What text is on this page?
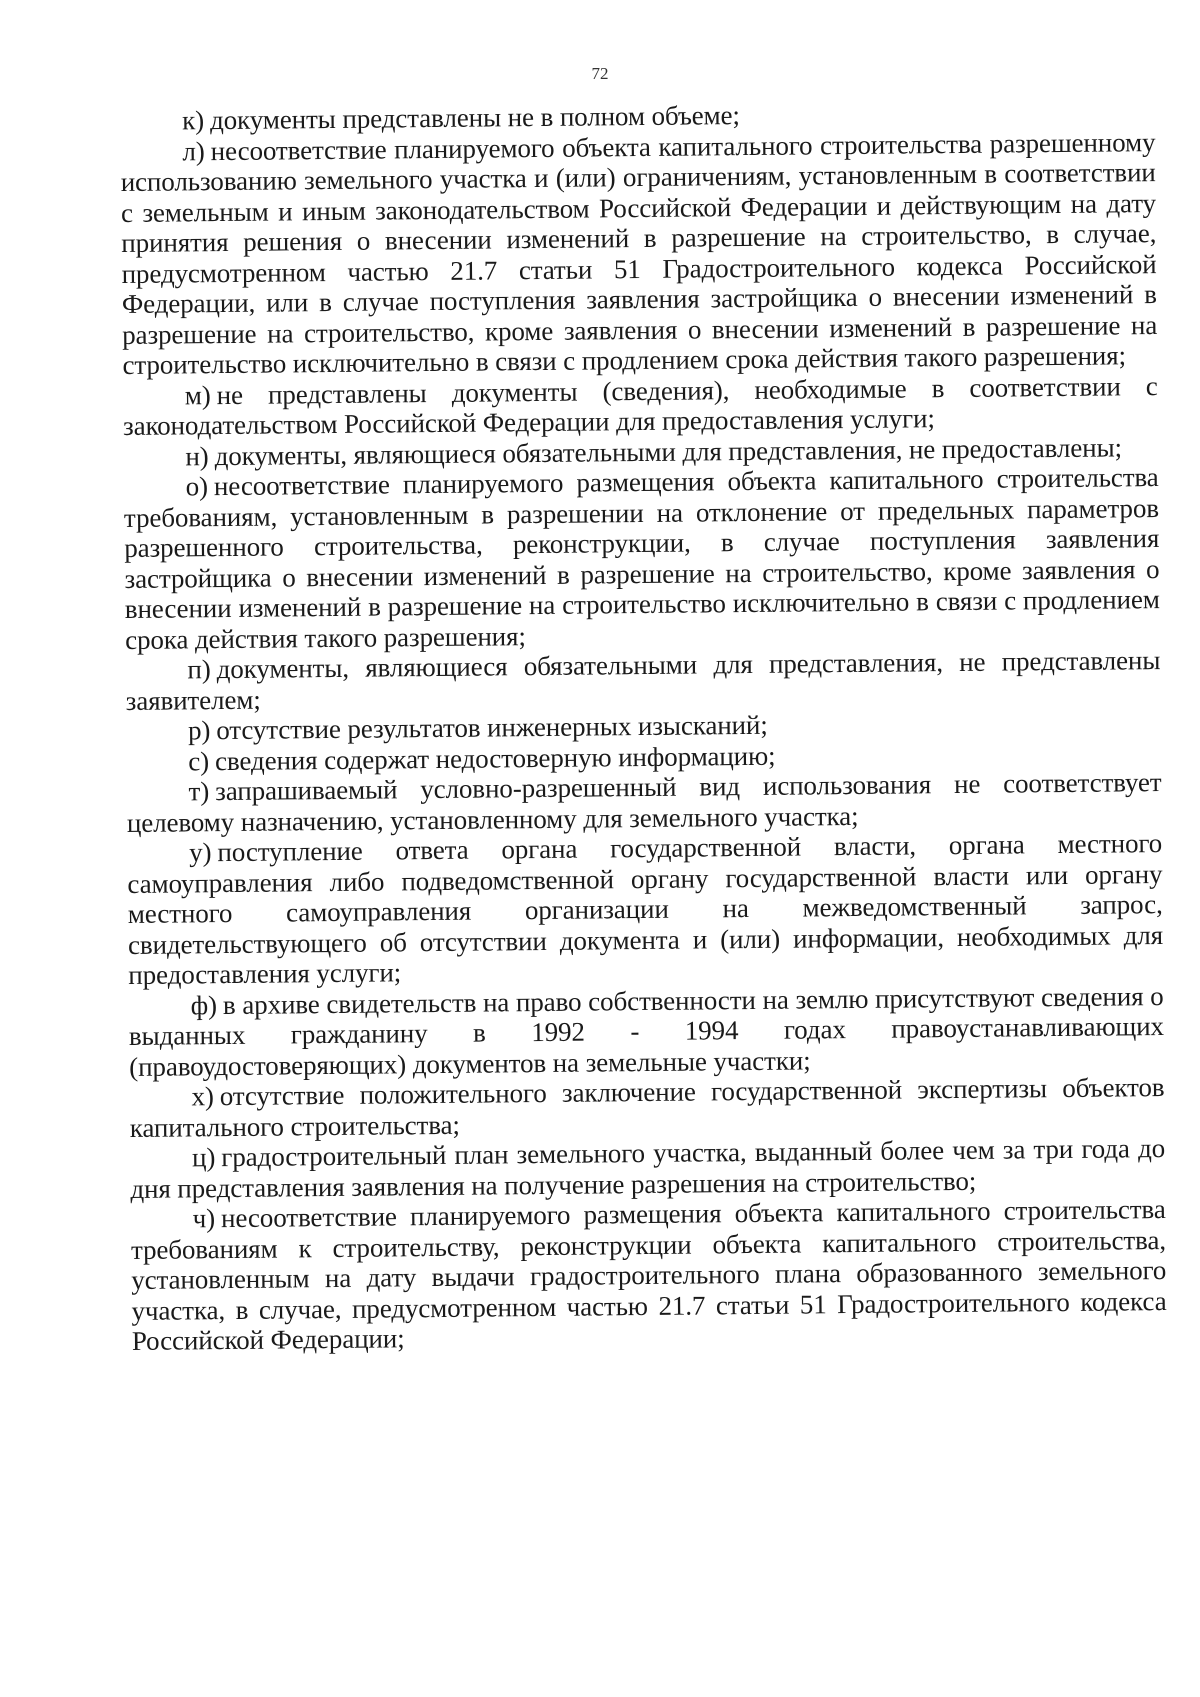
72

к) документы представлены не в полном объеме;

л) несоответствие планируемого объекта капитального строительства разрешенному использованию земельного участка и (или) ограничениям, установленным в соответствии с земельным и иным законодательством Российской Федерации и действующим на дату принятия решения о внесении изменений в разрешение на строительство, в случае, предусмотренном частью 21.7 статьи 51 Градостроительного кодекса Российской Федерации, или в случае поступления заявления застройщика о внесении изменений в разрешение на строительство, кроме заявления о внесении изменений в разрешение на строительство исключительно в связи с продлением срока действия такого разрешения;

м) не представлены документы (сведения), необходимые в соответствии с законодательством Российской Федерации для предоставления услуги;

н) документы, являющиеся обязательными для представления, не предоставлены;

о) несоответствие планируемого размещения объекта капитального строительства требованиям, установленным в разрешении на отклонение от предельных параметров разрешенного строительства, реконструкции, в случае поступления заявления застройщика о внесении изменений в разрешение на строительство, кроме заявления о внесении изменений в разрешение на строительство исключительно в связи с продлением срока действия такого разрешения;

п) документы, являющиеся обязательными для представления, не представлены заявителем;

р) отсутствие результатов инженерных изысканий;

с) сведения содержат недостоверную информацию;

т) запрашиваемый условно-разрешенный вид использования не соответствует целевому назначению, установленному для земельного участка;

у) поступление ответа органа государственной власти, органа местного самоуправления либо подведомственной органу государственной власти или органу местного самоуправления организации на межведомственный запрос, свидетельствующего об отсутствии документа и (или) информации, необходимых для предоставления услуги;

ф) в архиве свидетельств на право собственности на землю присутствуют сведения о выданных гражданину в 1992 - 1994 годах правоустанавливающих (правоудостоверяющих) документов на земельные участки;

х) отсутствие положительного заключение государственной экспертизы объектов капитального строительства;

ц) градостроительный план земельного участка, выданный более чем за три года до дня представления заявления на получение разрешения на строительство;

ч) несоответствие планируемого размещения объекта капитального строительства требованиям к строительству, реконструкции объекта капитального строительства, установленным на дату выдачи градостроительного плана образованного земельного участка, в случае, предусмотренном частью 21.7 статьи 51 Градостроительного кодекса Российской Федерации;
